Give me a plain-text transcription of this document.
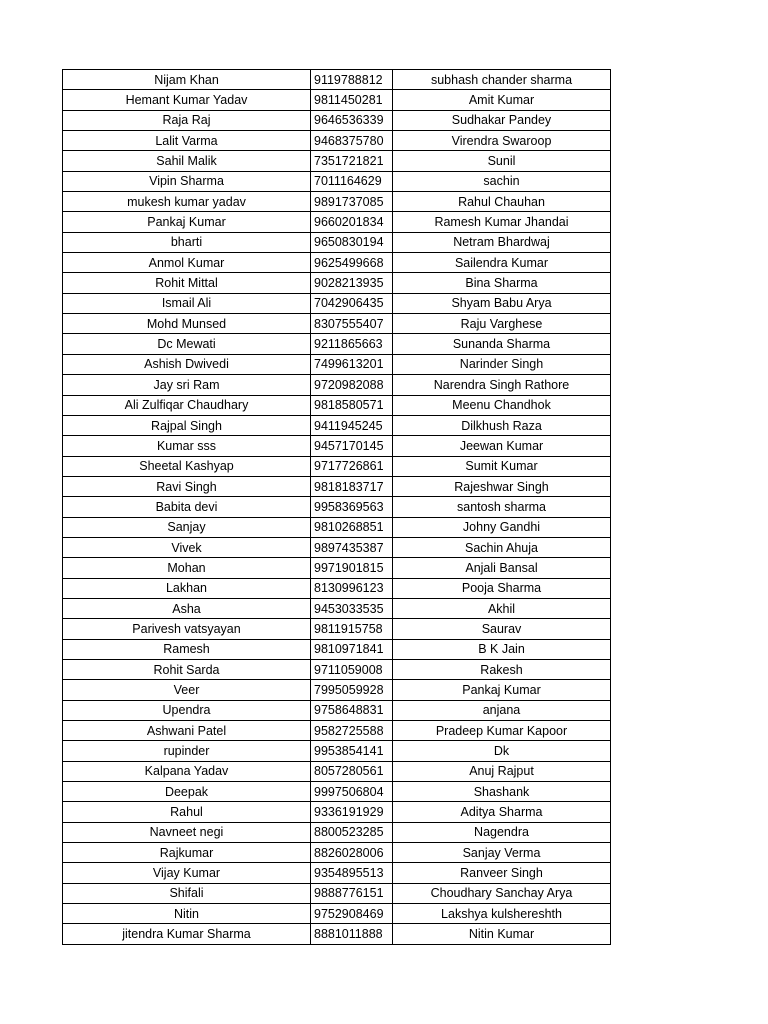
Nijam Khan	9119788812	subhash chander sharma
Hemant Kumar Yadav	9811450281	Amit Kumar
Raja Raj	9646536339	Sudhakar Pandey
Lalit Varma	9468375780	Virendra Swaroop
Sahil Malik	7351721821	Sunil
Vipin Sharma	7011164629	sachin
mukesh kumar yadav	9891737085	Rahul Chauhan
Pankaj Kumar	9660201834	Ramesh Kumar Jhandai
bharti	9650830194	Netram Bhardwaj
Anmol Kumar	9625499668	Sailendra Kumar
Rohit Mittal	9028213935	Bina Sharma
Ismail Ali	7042906435	Shyam Babu Arya
Mohd Munsed	8307555407	Raju Varghese
Dc Mewati	9211865663	Sunanda Sharma
Ashish Dwivedi	7499613201	Narinder Singh
Jay sri Ram	9720982088	Narendra Singh Rathore
Ali Zulfiqar Chaudhary	9818580571	Meenu Chandhok
Rajpal Singh	9411945245	Dilkhush Raza
Kumar sss	9457170145	Jeewan Kumar
Sheetal Kashyap	9717726861	Sumit Kumar
Ravi Singh	9818183717	Rajeshwar Singh
Babita devi	9958369563	santosh sharma
Sanjay	9810268851	Johny Gandhi
Vivek	9897435387	Sachin Ahuja
Mohan	9971901815	Anjali Bansal
Lakhan	8130996123	Pooja Sharma
Asha	9453033535	Akhil
Parivesh vatsyayan	9811915758	Saurav
Ramesh	9810971841	B K Jain
Rohit Sarda	9711059008	Rakesh
Veer	7995059928	Pankaj Kumar
Upendra	9758648831	anjana
Ashwani Patel	9582725588	Pradeep Kumar Kapoor
rupinder	9953854141	Dk
Kalpana Yadav	8057280561	Anuj Rajput
Deepak	9997506804	Shashank
Rahul	9336191929	Aditya Sharma
Navneet negi	8800523285	Nagendra
Rajkumar	8826028006	Sanjay Verma
Vijay Kumar	9354895513	Ranveer Singh
Shifali	9888776151	Choudhary Sanchay Arya
Nitin	9752908469	Lakshya kulshereshth
jitendra Kumar Sharma	8881011888	Nitin Kumar
